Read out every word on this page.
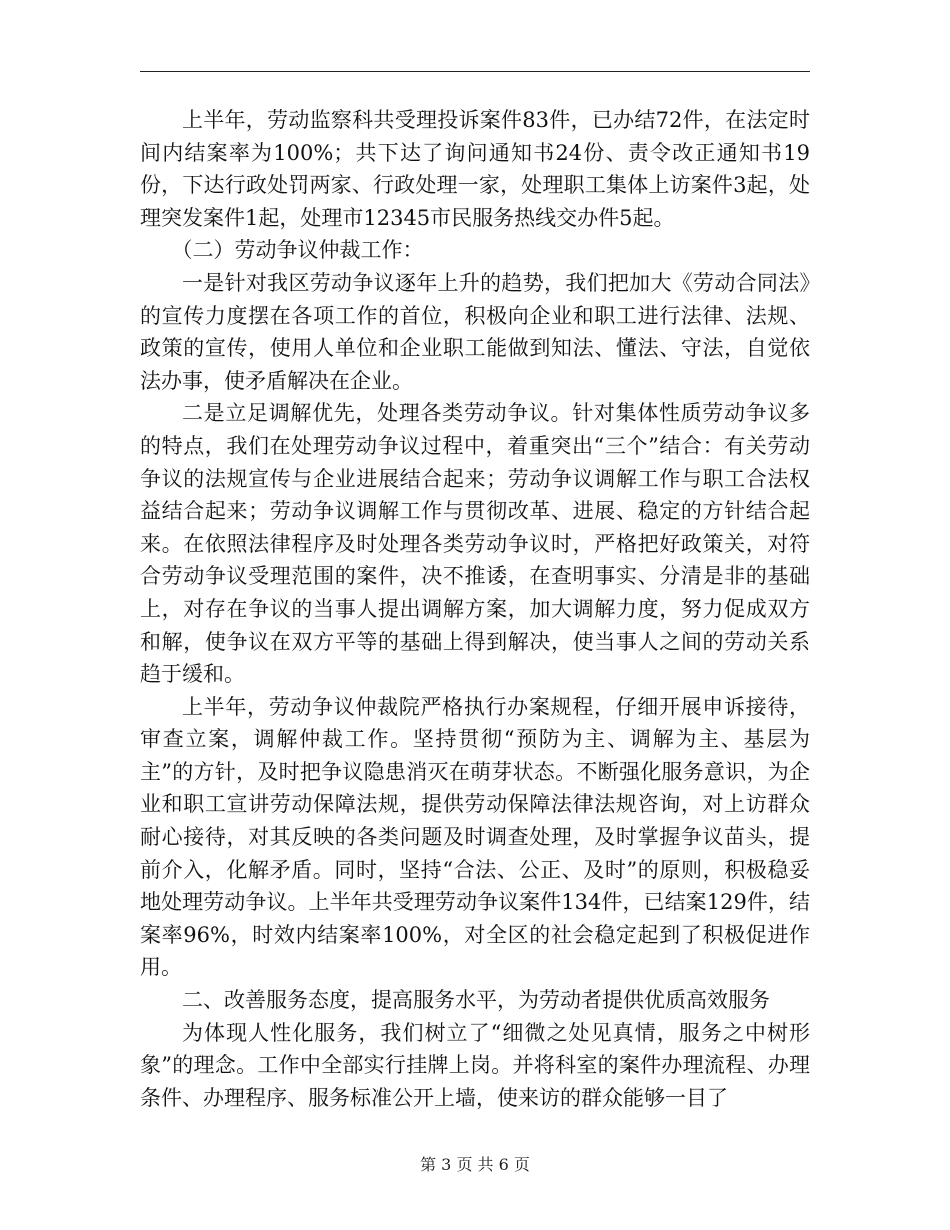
上半年，劳动监察科共受理投诉案件83件，已办结72件，在法定时间内结案率为100%；共下达了询问通知书24份、责令改正通知书19份，下达行政处罚两家、行政处理一家，处理职工集体上访案件3起，处理突发案件1起，处理市12345市民服务热线交办件5起。

（二）劳动争议仲裁工作：

一是针对我区劳动争议逐年上升的趋势，我们把加大《劳动合同法》的宣传力度摆在各项工作的首位，积极向企业和职工进行法律、法规、政策的宣传，使用人单位和企业职工能做到知法、懂法、守法，自觉依法办事，使矛盾解决在企业。

二是立足调解优先，处理各类劳动争议。针对集体性质劳动争议多的特点，我们在处理劳动争议过程中，着重突出“三个”结合：有关劳动争议的法规宣传与企业进展结合起来；劳动争议调解工作与职工合法权益结合起来；劳动争议调解工作与贯彻改革、进展、稳定的方针结合起来。在依照法律程序及时处理各类劳动争议时，严格把好政策关，对符合劳动争议受理范围的案件，决不推诿，在查明事实、分清是非的基础上，对存在争议的当事人提出调解方案，加大调解力度，努力促成双方和解，使争议在双方平等的基础上得到解决，使当事人之间的劳动关系趋于缓和。

上半年，劳动争议仲裁院严格执行办案规程，仔细开展申诉接待，审查立案，调解仲裁工作。坚持贯彻“预防为主、调解为主、基层为主”的方针，及时把争议隐患消灭在萌芽状态。不断强化服务意识，为企业和职工宣讲劳动保障法规，提供劳动保障法律法规咨询，对上访群众耐心接待，对其反映的各类问题及时调查处理，及时掌握争议苗头，提前介入，化解矛盾。同时，坚持“合法、公正、及时”的原则，积极稳妥地处理劳动争议。上半年共受理劳动争议案件134件，已结案129件，结案率96%，时效内结案率100%，对全区的社会稳定起到了积极促进作用。

二、改善服务态度，提高服务水平，为劳动者提供优质高效服务

为体现人性化服务，我们树立了“细微之处见真情，服务之中树形象”的理念。工作中全部实行挂牌上岗。并将科室的案件办理流程、办理条件、办理程序、服务标准公开上墙，使来访的群众能够一目了

第 3 页 共 6 页
